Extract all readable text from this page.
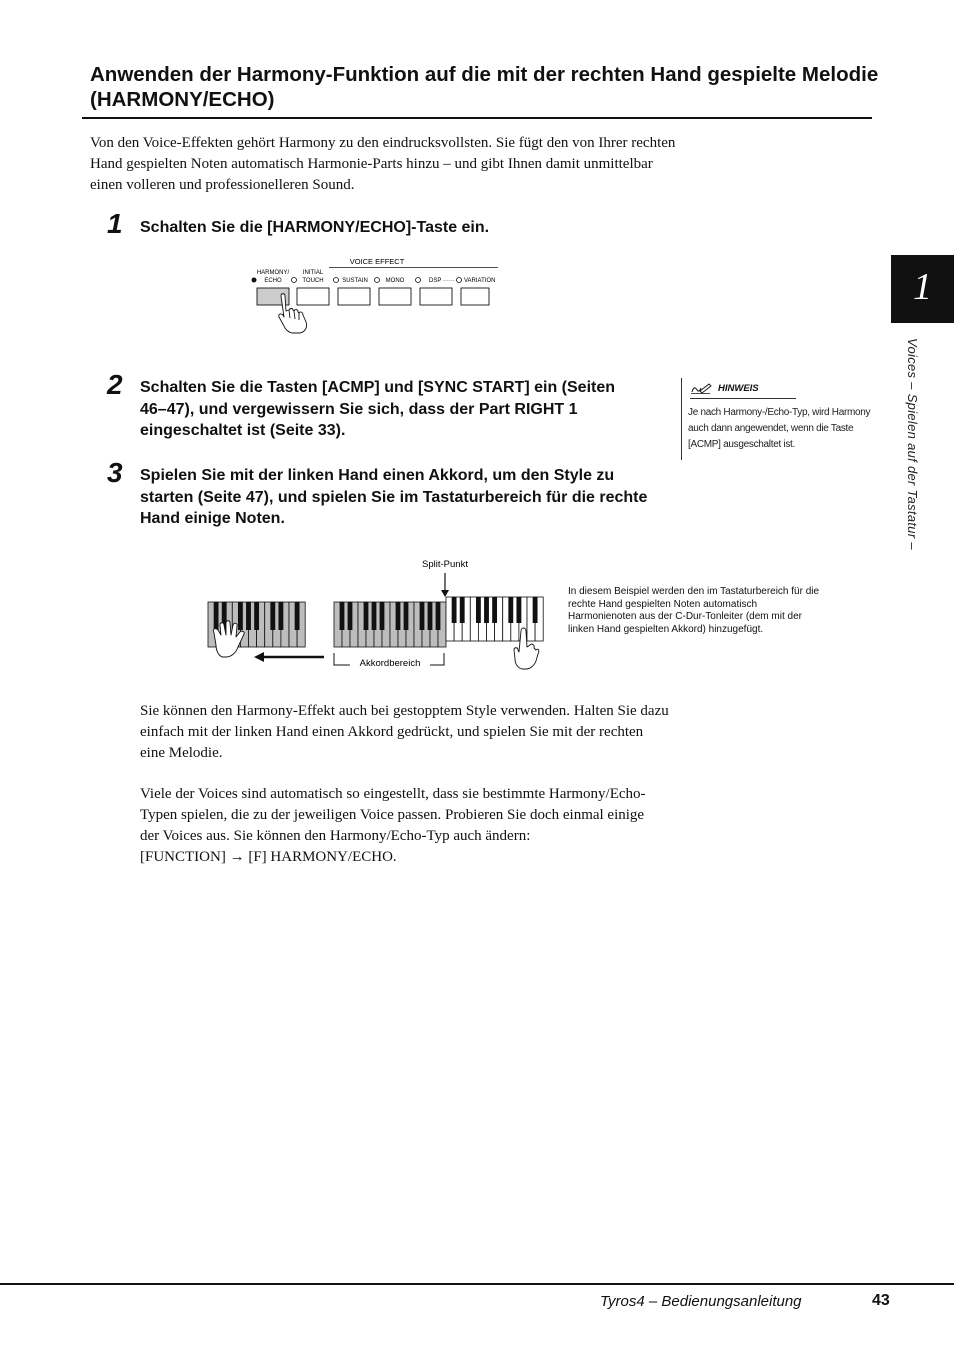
Anwenden der Harmony-Funktion auf die mit der rechten Hand gespielte Melodie (HARMONY/ECHO)
Von den Voice-Effekten gehört Harmony zu den eindrucksvollsten. Sie fügt den von Ihrer rechten Hand gespielten Noten automatisch Harmonie-Parts hinzu – und gibt Ihnen damit unmittelbar einen volleren und professionelleren Sound.
1 Schalten Sie die [HARMONY/ECHO]-Taste ein.
VOICE EFFECT
HARMONY/
ECHO
INITIAL
TOUCH	SUSTAIN	MONO	DSP ······ VARIATION
2 Schalten Sie die Tasten [ACMP] und [SYNC START] ein (Seiten 46–47), und vergewissern Sie sich, dass der Part RIGHT 1 eingeschaltet ist (Seite 33).
HINWEIS
Je nach Harmony-/Echo-Typ, wird Harmony auch dann angewendet, wenn die Taste [ACMP] ausgeschaltet ist.
3 Spielen Sie mit der linken Hand einen Akkord, um den Style zu starten (Seite 47), und spielen Sie im Tastaturbereich für die rechte Hand einige Noten.
Split-Punkt
Akkordbereich
In diesem Beispiel werden den im Tastaturbereich für die rechte Hand gespielten Noten automatisch Harmonienoten aus der C-Dur-Tonleiter (dem mit der linken Hand gespielten Akkord) hinzugefügt.
Sie können den Harmony-Effekt auch bei gestopptem Style verwenden. Halten Sie dazu einfach mit der linken Hand einen Akkord gedrückt, und spielen Sie mit der rechten eine Melodie.
Viele der Voices sind automatisch so eingestellt, dass sie bestimmte Harmony/Echo-Typen spielen, die zu der jeweiligen Voice passen. Probieren Sie doch einmal einige der Voices aus. Sie können den Harmony/Echo-Typ auch ändern:
[FUNCTION] → [F] HARMONY/ECHO.
1
Voices – Spielen auf der Tastatur –
Tyros4 – Bedienungsanleitung	43
